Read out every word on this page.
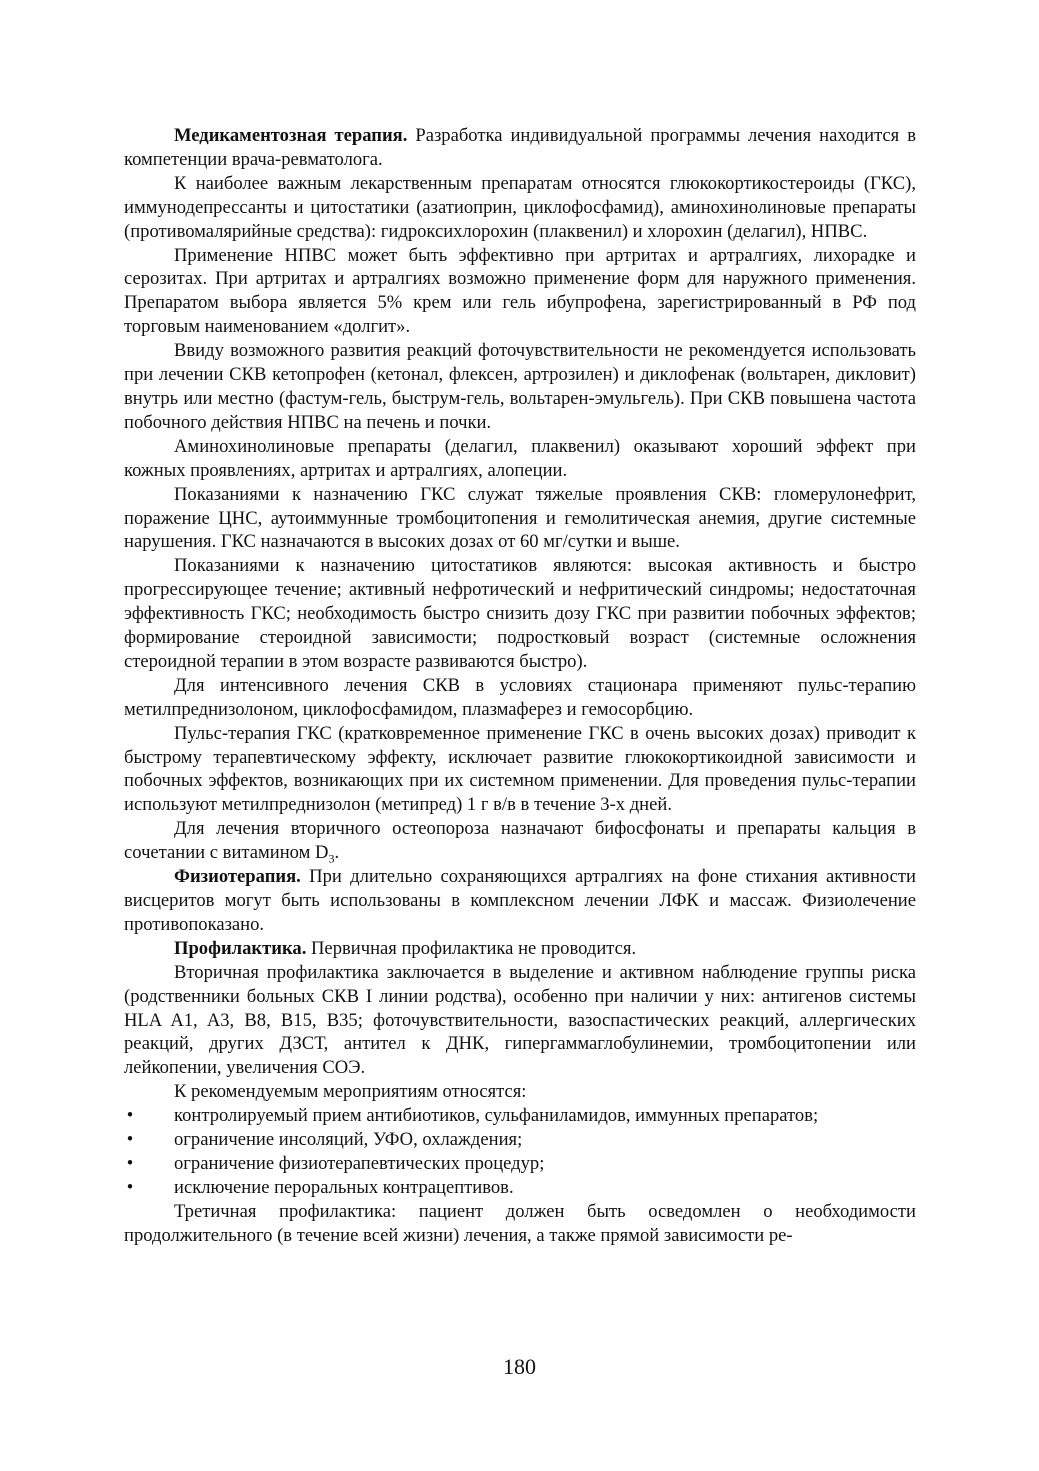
Медикаментозная терапия. Разработка индивидуальной программы лечения находится в компетенции врача-ревматолога.

К наиболее важным лекарственным препаратам относятся глюкокортикостероиды (ГКС), иммунодепрессанты и цитостатики (азатиоприн, циклофосфамид), аминохинолиновые препараты (противомалярийные средства): гидроксихлорохин (плаквенил) и хлорохин (делагил), НПВС.

Применение НПВС может быть эффективно при артритах и артралгиях, лихорадке и серозитах. При артритах и артралгиях возможно применение форм для наружного применения. Препаратом выбора является 5% крем или гель ибупрофена, зарегистрированный в РФ под торговым наименованием «долгит».

Ввиду возможного развития реакций фоточувствительности не рекомендуется использовать при лечении СКВ кетопрофен (кетонал, флексен, артрозилен) и диклофенак (вольтарен, дикловит) внутрь или местно (фастум-гель, быструм-гель, вольтарен-эмульгель). При СКВ повышена частота побочного действия НПВС на печень и почки.

Аминохинолиновые препараты (делагил, плаквенил) оказывают хороший эффект при кожных проявлениях, артритах и артралгиях, алопеции.

Показаниями к назначению ГКС служат тяжелые проявления СКВ: гломерулонефрит, поражение ЦНС, аутоиммунные тромбоцитопения и гемолитическая анемия, другие системные нарушения. ГКС назначаются в высоких дозах от 60 мг/сутки и выше.

Показаниями к назначению цитостатиков являются: высокая активность и быстро прогрессирующее течение; активный нефротический и нефритический синдромы; недостаточная эффективность ГКС; необходимость быстро снизить дозу ГКС при развитии побочных эффектов; формирование стероидной зависимости; подростковый возраст (системные осложнения стероидной терапии в этом возрасте развиваются быстро).

Для интенсивного лечения СКВ в условиях стационара применяют пульс-терапию метилпреднизолоном, циклофосфамидом, плазмаферез и гемосорбцию.

Пульс-терапия ГКС (кратковременное применение ГКС в очень высоких дозах) приводит к быстрому терапевтическому эффекту, исключает развитие глюкокортикоидной зависимости и побочных эффектов, возникающих при их системном применении. Для проведения пульс-терапии используют метилпреднизолон (метипред) 1 г в/в в течение 3-х дней.

Для лечения вторичного остеопороза назначают бифосфонаты и препараты кальция в сочетании с витамином $D_3$.

Физиотерапия. При длительно сохраняющихся артралгиях на фоне стихания активности висцеритов могут быть использованы в комплексном лечении ЛФК и массаж. Физиолечение противопоказано.

Профилактика. Первичная профилактика не проводится.

Вторичная профилактика заключается в выделение и активном наблюдение группы риска (родственники больных СКВ I линии родства), особенно при наличии у них: антигенов системы HLA A1, A3, B8, B15, B35; фоточувствительности, вазоспастических реакций, аллергических реакций, других ДЗСТ, антител к ДНК, гипергаммаглобулинемии, тромбоцитопении или лейкопении, увеличения СОЭ.

К рекомендуемым мероприятиям относятся:

• контролируемый прием антибиотиков, сульфаниламидов, иммунных препаратов;
• ограничение инсоляций, УФО, охлаждения;
• ограничение физиотерапевтических процедур;
• исключение пероральных контрацептивов.

Третичная профилактика: пациент должен быть осведомлен о необходимости продолжительного (в течение всей жизни) лечения, а также прямой зависимости ре-

180
